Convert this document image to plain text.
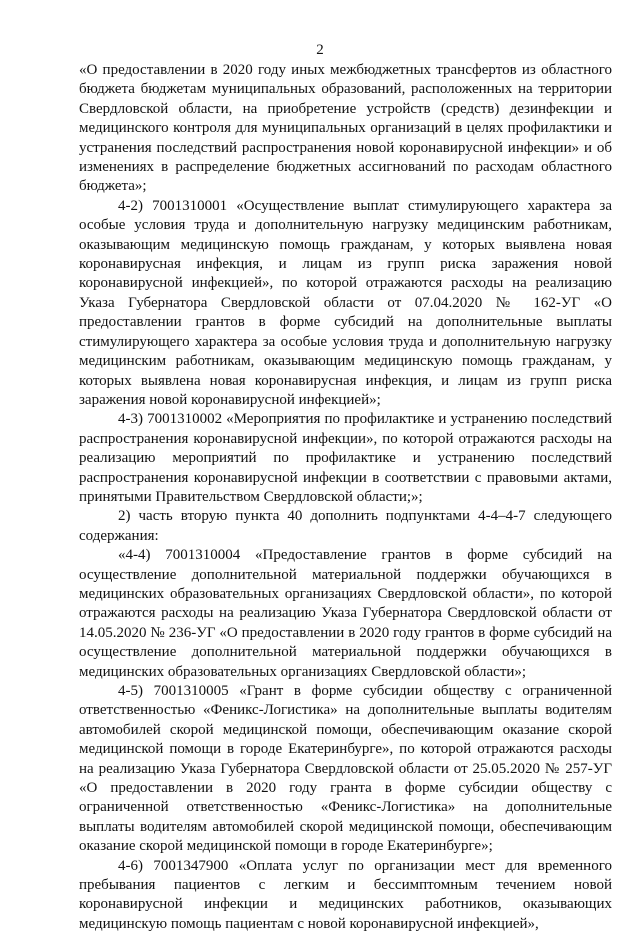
2

«О предоставлении в 2020 году иных межбюджетных трансфертов из областного бюджета бюджетам муниципальных образований, расположенных на территории Свердловской области, на приобретение устройств (средств) дезинфекции и медицинского контроля для муниципальных организаций в целях профилактики и устранения последствий распространения новой коронавирусной инфекции» и об изменениях в распределение бюджетных ассигнований по расходам областного бюджета»;

4-2) 7001310001 «Осуществление выплат стимулирующего характера за особые условия труда и дополнительную нагрузку медицинским работникам, оказывающим медицинскую помощь гражданам, у которых выявлена новая коронавирусная инфекция, и лицам из групп риска заражения новой коронавирусной инфекцией», по которой отражаются расходы на реализацию Указа Губернатора Свердловской области от 07.04.2020 № 162-УГ «О предоставлении грантов в форме субсидий на дополнительные выплаты стимулирующего характера за особые условия труда и дополнительную нагрузку медицинским работникам, оказывающим медицинскую помощь гражданам, у которых выявлена новая коронавирусная инфекция, и лицам из групп риска заражения новой коронавирусной инфекцией»;

4-3) 7001310002 «Мероприятия по профилактике и устранению последствий распространения коронавирусной инфекции», по которой отражаются расходы на реализацию мероприятий по профилактике и устранению последствий распространения коронавирусной инфекции в соответствии с правовыми актами, принятыми Правительством Свердловской области;»;

2) часть вторую пункта 40 дополнить подпунктами 4-4–4-7 следующего содержания:

«4-4) 7001310004 «Предоставление грантов в форме субсидий на осуществление дополнительной материальной поддержки обучающихся в медицинских образовательных организациях Свердловской области», по которой отражаются расходы на реализацию Указа Губернатора Свердловской области от 14.05.2020 № 236-УГ «О предоставлении в 2020 году грантов в форме субсидий на осуществление дополнительной материальной поддержки обучающихся в медицинских образовательных организациях Свердловской области»;

4-5) 7001310005 «Грант в форме субсидии обществу с ограниченной ответственностью «Феникс-Логистика» на дополнительные выплаты водителям автомобилей скорой медицинской помощи, обеспечивающим оказание скорой медицинской помощи в городе Екатеринбурге», по которой отражаются расходы на реализацию Указа Губернатора Свердловской области от 25.05.2020 № 257-УГ «О предоставлении в 2020 году гранта в форме субсидии обществу с ограниченной ответственностью «Феникс-Логистика» на дополнительные выплаты водителям автомобилей скорой медицинской помощи, обеспечивающим оказание скорой медицинской помощи в городе Екатеринбурге»;

4-6) 7001347900 «Оплата услуг по организации мест для временного пребывания пациентов с легким и бессимптомным течением новой коронавирусной инфекции и медицинских работников, оказывающих медицинскую помощь пациентам с новой коронавирусной инфекцией»,
